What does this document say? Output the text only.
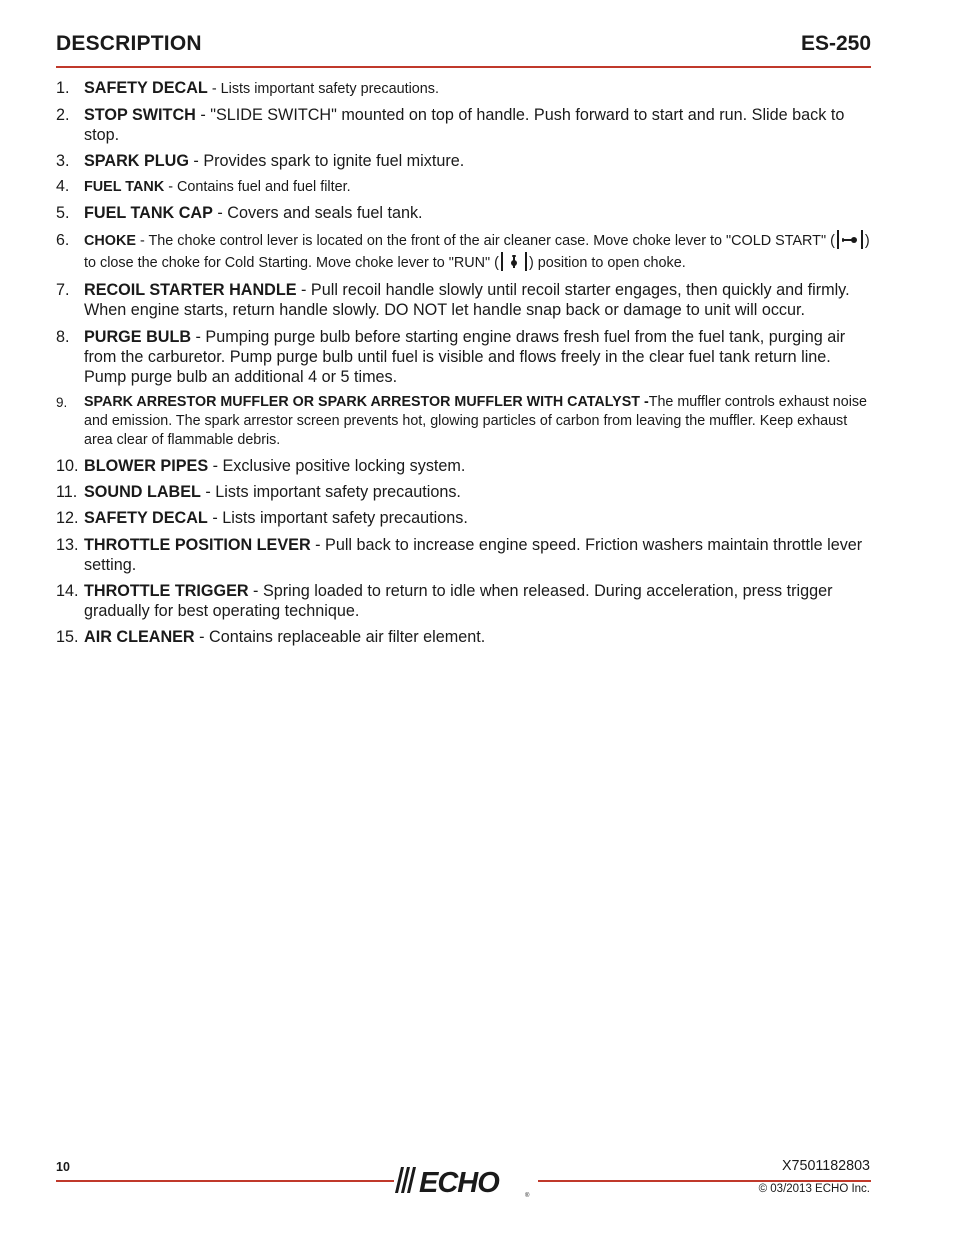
DESCRIPTION	ES-250
1. SAFETY DECAL - Lists important safety precautions.
2. STOP SWITCH - "SLIDE SWITCH" mounted on top of handle. Push forward to start and run. Slide back to stop.
3. SPARK PLUG - Provides spark to ignite fuel mixture.
4. FUEL TANK - Contains fuel and fuel filter.
5. FUEL TANK CAP - Covers and seals fuel tank.
6. CHOKE - The choke control lever is located on the front of the air cleaner case. Move choke lever to "COLD START" ( ) to close the choke for Cold Starting. Move choke lever to "RUN" ( ) position to open choke.
7. RECOIL STARTER HANDLE - Pull recoil handle slowly until recoil starter engages, then quickly and firmly. When engine starts, return handle slowly. DO NOT let handle snap back or damage to unit will occur.
8. PURGE BULB - Pumping purge bulb before starting engine draws fresh fuel from the fuel tank, purging air from the carburetor. Pump purge bulb until fuel is visible and flows freely in the clear fuel tank return line. Pump purge bulb an additional 4 or 5 times.
9. SPARK ARRESTOR MUFFLER OR SPARK ARRESTOR MUFFLER WITH CATALYST -The muffler controls exhaust noise and emission. The spark arrestor screen prevents hot, glowing particles of carbon from leaving the muffler. Keep exhaust area clear of flammable debris.
10. BLOWER PIPES - Exclusive positive locking system.
11. SOUND LABEL - Lists important safety precautions.
12. SAFETY DECAL - Lists important safety precautions.
13. THROTTLE POSITION LEVER - Pull back to increase engine speed. Friction washers maintain throttle lever setting.
14. THROTTLE TRIGGER - Spring loaded to return to idle when released. During acceleration, press trigger gradually for best operating technique.
15. AIR CLEANER - Contains replaceable air filter element.
10	X7501182803
ECHO	®
© 03/2013 ECHO Inc.
